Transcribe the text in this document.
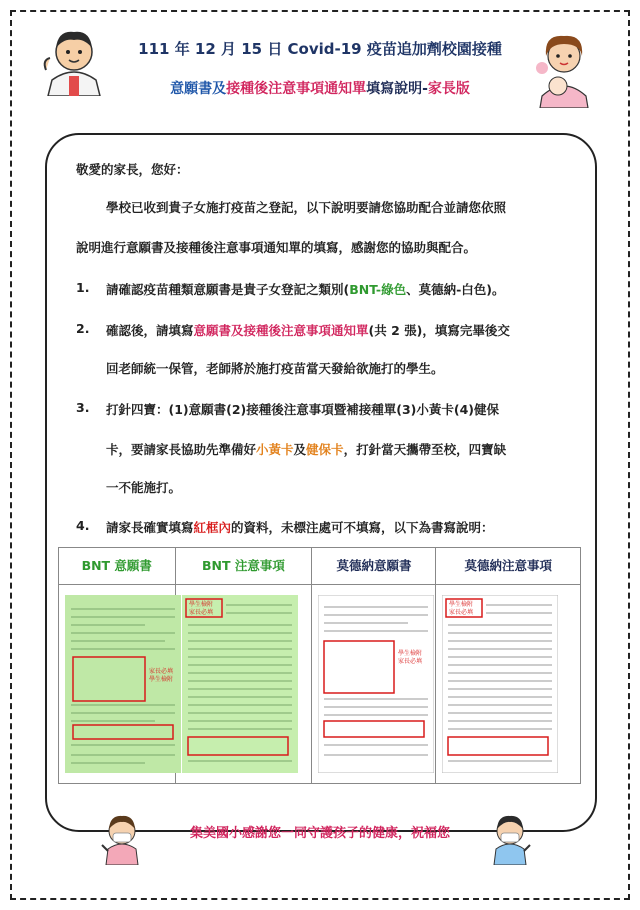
111 年 12 月 15 日 Covid-19 疫苗追加劑校園接種
意願書及接種後注意事項通知單填寫說明-家長版
敬愛的家長，您好：
學校已收到貴子女施打疫苗之登記，以下說明要請您協助配合並請您依照
說明進行意願書及接種後注意事項通知單的填寫，感謝您的協助與配合。
1. 請確認疫苗種類意願書是貴子女登記之類別(BNT-綠色、莫德納-白色)。
2. 確認後，請填寫意願書及接種後注意事項通知單(共 2 張)，填寫完畢後交
回老師統一保管，老師將於施打疫苗當天發給欲施打的學生。
3. 打針四寶：(1)意願書(2)接種後注意事項暨補接種單(3)小黃卡(4)健保
卡，要請家長協助先準備好小黃卡及健保卡，打針當天攜帶至校，四寶缺
一不能施打。
4. 請家長確實填寫紅框內的資料，未標注處可不填寫，以下為書寫說明：
BNT 意願書	BNT 注意事項	莫德納意願書	莫德納注意事項

家長必填
學生檢附	學生檢附
家長必填	學生檢附
家長必填	學生檢附
家長必填
集美國小感謝您一同守護孩子的健康，祝福您
